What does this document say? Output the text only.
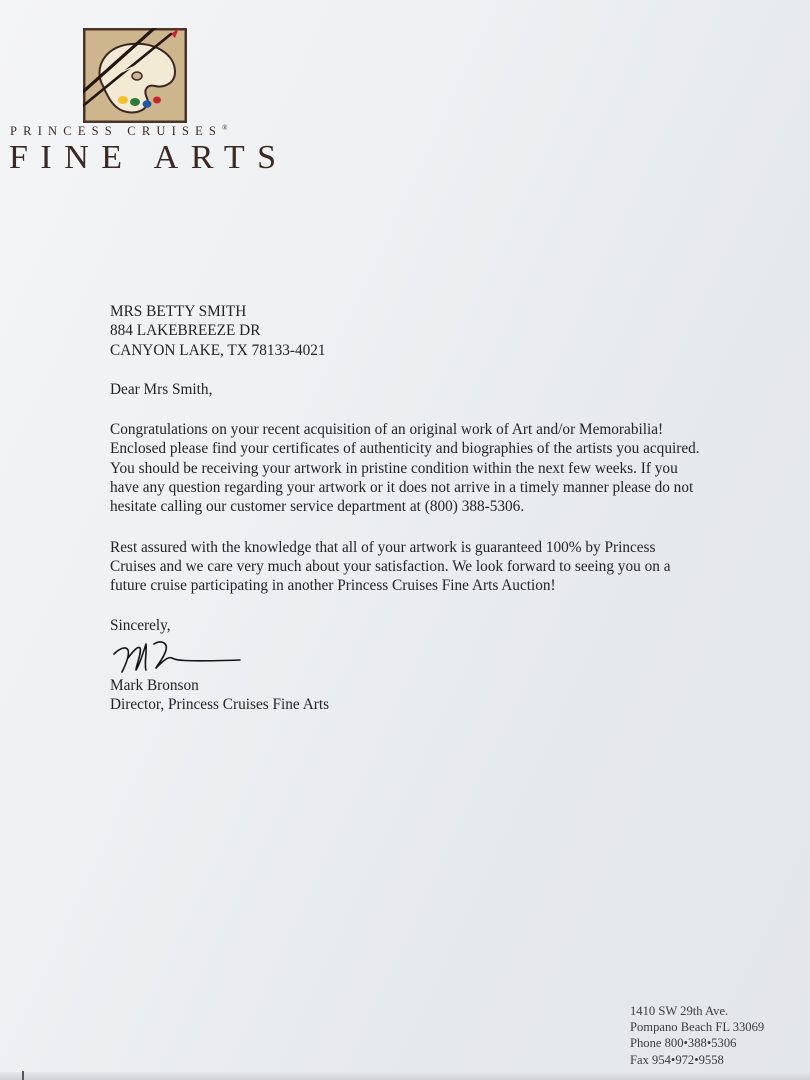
PRINCESS CRUISES®
FINE ARTS

MRS BETTY SMITH
884 LAKEBREEZE DR
CANYON LAKE, TX 78133-4021

Dear Mrs Smith,

Congratulations on your recent acquisition of an original work of Art and/or Memorabilia! Enclosed please find your certificates of authenticity and biographies of the artists you acquired. You should be receiving your artwork in pristine condition within the next few weeks. If you have any question regarding your artwork or it does not arrive in a timely manner please do not hesitate calling our customer service department at (800) 388-5306.

Rest assured with the knowledge that all of your artwork is guaranteed 100% by Princess Cruises and we care very much about your satisfaction. We look forward to seeing you on a future cruise participating in another Princess Cruises Fine Arts Auction!

Sincerely,

Mark Bronson
Director, Princess Cruises Fine Arts
1410 SW 29th Ave.
Pompano Beach FL 33069
Phone 800•388•5306
Fax 954•972•9558
